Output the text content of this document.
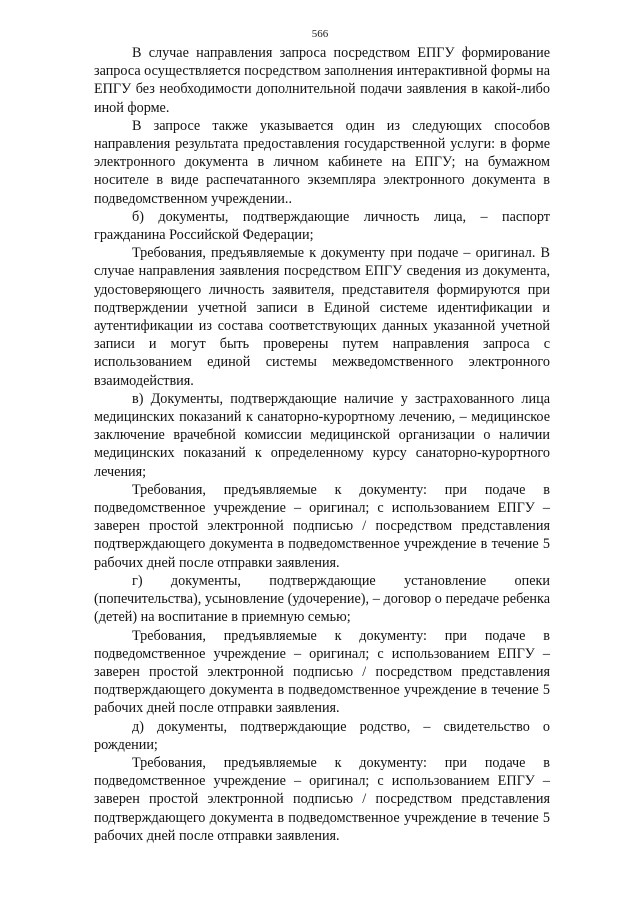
566

В случае направления запроса посредством ЕПГУ формирование запроса осуществляется посредством заполнения интерактивной формы на ЕПГУ без необходимости дополнительной подачи заявления в какой-либо иной форме.

В запросе также указывается один из следующих способов направления результата предоставления государственной услуги: в форме электронного документа в личном кабинете на ЕПГУ; на бумажном носителе в виде распечатанного экземпляра электронного документа в подведомственном учреждении..

б) документы, подтверждающие личность лица, – паспорт гражданина Российской Федерации;

Требования, предъявляемые к документу при подаче – оригинал. В случае направления заявления посредством ЕПГУ сведения из документа, удостоверяющего личность заявителя, представителя формируются при подтверждении учетной записи в Единой системе идентификации и аутентификации из состава соответствующих данных указанной учетной записи и могут быть проверены путем направления запроса с использованием единой системы межведомственного электронного взаимодействия.

в) Документы, подтверждающие наличие у застрахованного лица медицинских показаний к санаторно-курортному лечению, – медицинское заключение врачебной комиссии медицинской организации о наличии медицинских показаний к определенному курсу санаторно-курортного лечения;

Требования, предъявляемые к документу: при подаче в подведомственное учреждение – оригинал; с использованием ЕПГУ – заверен простой электронной подписью / посредством представления подтверждающего документа в подведомственное учреждение в течение 5 рабочих дней после отправки заявления.

г) документы, подтверждающие установление опеки (попечительства), усыновление (удочерение), – договор о передаче ребенка (детей) на воспитание в приемную семью;

Требования, предъявляемые к документу: при подаче в подведомственное учреждение – оригинал; с использованием ЕПГУ – заверен простой электронной подписью / посредством представления подтверждающего документа в подведомственное учреждение в течение 5 рабочих дней после отправки заявления.

д) документы, подтверждающие родство, – свидетельство о рождении;

Требования, предъявляемые к документу: при подаче в подведомственное учреждение – оригинал; с использованием ЕПГУ – заверен простой электронной подписью / посредством представления подтверждающего документа в подведомственное учреждение в течение 5 рабочих дней после отправки заявления.
